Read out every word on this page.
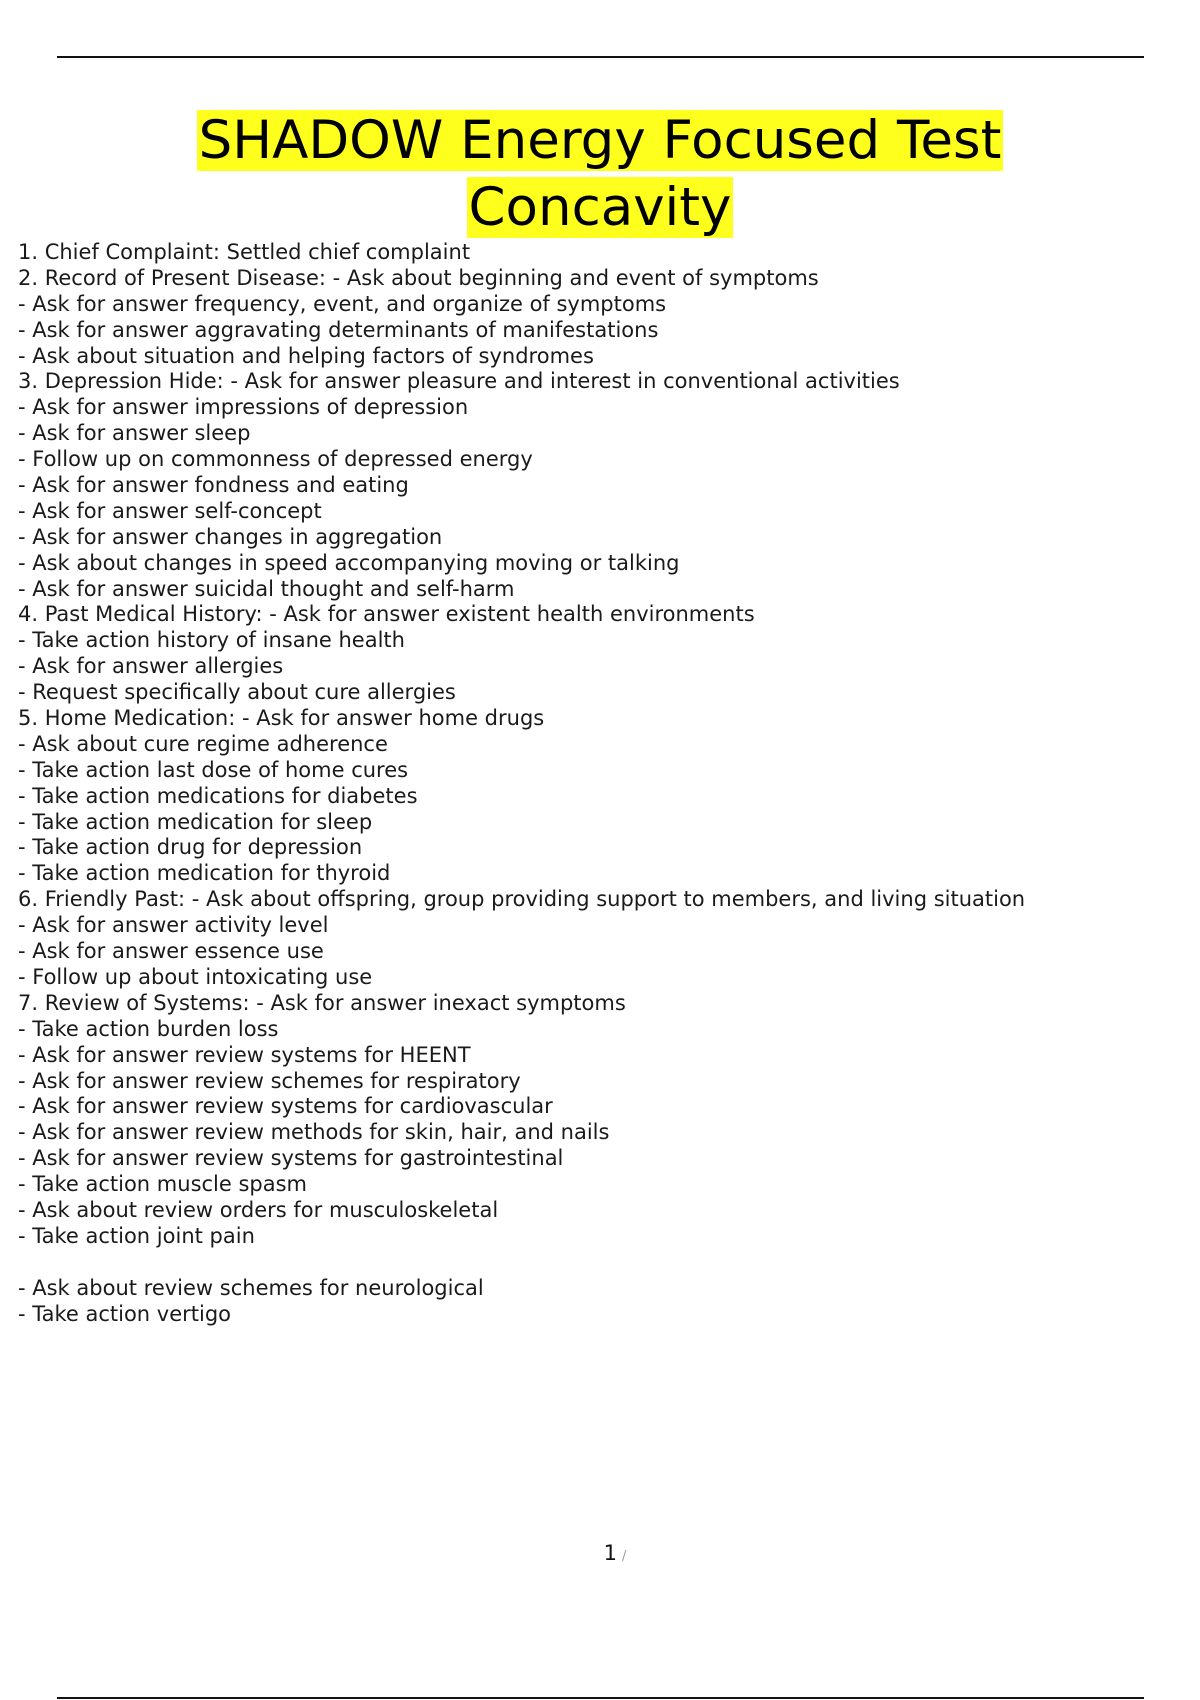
SHADOW Energy Focused Test
Concavity
1. Chief Complaint: Settled chief complaint
2. Record of Present Disease: - Ask about beginning and event of symptoms
- Ask for answer frequency, event, and organize of symptoms
- Ask for answer aggravating determinants of manifestations
- Ask about situation and helping factors of syndromes
3. Depression Hide: - Ask for answer pleasure and interest in conventional activities
- Ask for answer impressions of depression
- Ask for answer sleep
- Follow up on commonness of depressed energy
- Ask for answer fondness and eating
- Ask for answer self-concept
- Ask for answer changes in aggregation
- Ask about changes in speed accompanying moving or talking
- Ask for answer suicidal thought and self-harm
4. Past Medical History: - Ask for answer existent health environments
- Take action history of insane health
- Ask for answer allergies
- Request specifically about cure allergies
5. Home Medication: - Ask for answer home drugs
- Ask about cure regime adherence
- Take action last dose of home cures
- Take action medications for diabetes
- Take action medication for sleep
- Take action drug for depression
- Take action medication for thyroid
6. Friendly Past: - Ask about offspring, group providing support to members, and living situation
- Ask for answer activity level
- Ask for answer essence use
- Follow up about intoxicating use
7. Review of Systems: - Ask for answer inexact symptoms
- Take action burden loss
- Ask for answer review systems for HEENT
- Ask for answer review schemes for respiratory
- Ask for answer review systems for cardiovascular
- Ask for answer review methods for skin, hair, and nails
- Ask for answer review systems for gastrointestinal
- Take action muscle spasm
- Ask about review orders for musculoskeletal
- Take action joint pain
- Ask about review schemes for neurological
- Take action vertigo
1 /
